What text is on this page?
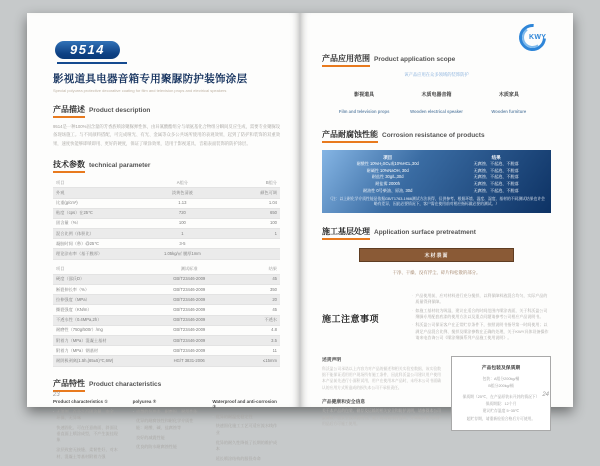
9514
影视道具电器音箱专用聚脲防护装饰涂层
Special polyurea protective decorative coating for film and television props and electrical speakers
产品描述 Product description

9514是一种100%固含量的芳香族喷涂聚脲弹性体，由异氰酸酯组分与端氨基化合物组分瞬间反应生成，需要专业聚脲设备现场施工。与不同颜料搭配，可完成哑光、有光、金属等众多公共场所使用的表观效果，起到了防护和装饰的双重效果，速度快能够即喷即用、更好的硬度，保证了喷涂效果，适用于影视道具、音箱表面装饰的防护涂层。

技术参数 technical parameter
项目	A组分	B组分
外观	淡黄色清液	颜色可调
比重(g/cm³)	1.13	1.04
粘度（cps）在25℃	720	650
固含量（%）	100	100
混合比例（体积比）	1	1
凝胶时间（秒）@25℃	3-5
理论涂布率（基于膜厚）	1.05kg/㎡ 膜厚1mm
项目	测试标准	结果
硬度（邵氏D）	GB/T23446-2009	45
断裂伸长率（%）	GB/T23446-2009	350
拉伸强度（MPa）	GB/T23446-2009	20
撕裂强度（KN/m）	GB/T23446-2009	45
不透水性（0.4MPa,2h）	GB/T23446-2009	不透水
耐磨性（750g/500r）/mg	GB/T23446-2009	4.8
附着力（MPa）混凝土基材	GB/T23446-2009	3.5
附着力（MPa）钢基材	GB/T23446-2009	11
耐阴极剥离(1.5h,(65±5)℃,6W)	HG/T 3831-2006	≤15mm
产品特性 Product characteristics
Product characteristics ①
· 无溶剂、百分之百固含量、安全、环保、无异味
· 快速固化、可在任意曲面、斜面及垂直面上喷涂成型，不产生流挂现象
· 涂层致密无接缝、柔韧性好，对木材、混凝土等基材附着力强
polyurea ②
· 卓越的抗冲击、耐磨损、耐刮性能
· 优异的耐腐蚀性和耐化学介质性能：耐酸、碱、盐腐蚀等
· 良好的减震性能
· 优良的防水耐腐蚀性能
Waterproof and anti-corrosion ③
· 优异的耐温变稳定性
· 快速固化施工工艺可适应流水线作业
· 优异的耐久性降低了长期的维护成本
· 延长喷涂结构的服役寿命
23
KWY
产品应用范围 Product application scope
该产品应用在众多领域的装饰防护
影视道具
Film and television props
木质电器音箱
Wooden electrical speaker
木质家具
Wooden furniture
产品耐腐蚀性能 Corrosion resistance of products
项目	结果
耐酸性 10%H₂SO₄或10%HCL,30d	无腐蚀、不起泡、不脱落
耐碱性 10%NaOH, 30d	无腐蚀、不起泡、不脱落
耐盐性 30g/L,30d	无腐蚀、不起泡、不脱落
耐盐雾 2000h	无腐蚀、不起泡、不脱落
耐油性 0号柴油、原油, 30d	无腐蚀、不起泡、不脱落
（注：以上耐化学介质性能是依据GB/T1763-1966测试方法获得，仅供参考。根据环境、温度、湿度、基材的不同测试结果也许会略有差异，因此必要情况下，客户需在使用前对相应指标做必要的测试。）
施工基层处理 Application surface pretreatment
木材表面
干净、干燥、没有浮尘、碎片和松散的部分。
施工注意事项
· 产品使用前，应对材料进行充分搅拌，以利保障料液混合均匀，实际产品的质量得到保障。
· 如施工基材较为吸湿，建议在适合的时间范围内喷涂表面，关于科沃盈公司聚脲专用配套底漆的使用方法以及重点问题请参考公司相应产品说明书。
· 科沃盈公司保证客户在正常贮存条件下，按照说明书指导第一时间使用；以满足产品混合比例、搅拌及喷涂参数在正确的处理，关于KWY具体设备操作请来电咨询公司《喷涂聚脲系列产品施工使用说明》。
述责声明

科沃盈公司承诺以上内容为对产品的描述和相关实验室数据，该实验数据不能保证适用用户现场所有施工条件，因此科沃盈公司建议用户使用本产品前先进行小面积试用，用户在使用本产品时，未经本公司书面确认的应用方式所造成的损失本公司不承担责任。

产品健康和安全信息

关于本产品的包装、储存及运输的相关安全和防护说明，请参阅本公司最新版产品安全技术说明书，施工现场请保持通风，并佩戴好相关防护用品后方可施工使用。

产品包装及保质期
包装：A组分200kg/桶
B组分200kg/桶
保质期（25℃，在产品原装未开封的情况下）
保质期限：12个月
建议贮存温度 5~35℃
超贮存期，请重新检验合格后方可使用。
24
